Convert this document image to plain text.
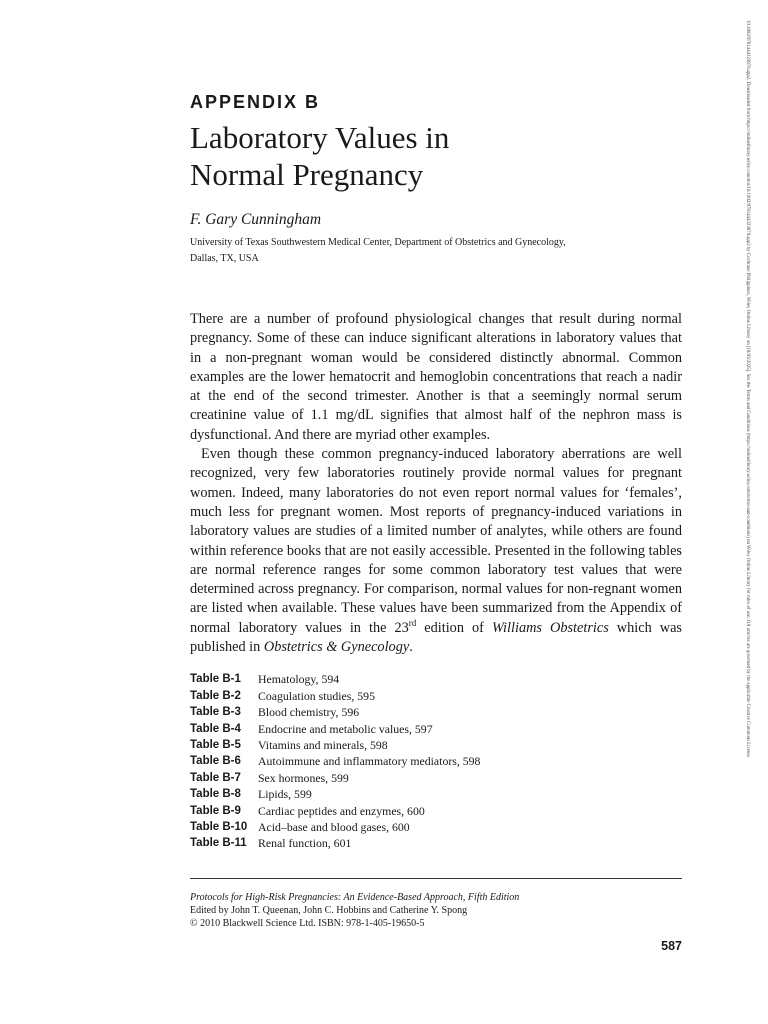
APPENDIX B

Laboratory Values in
Normal Pregnancy

F. Gary Cunningham

University of Texas Southwestern Medical Center, Department of Obstetrics and Gynecology,
Dallas, TX, USA

There are a number of profound physiological changes that result during normal pregnancy. Some of these can induce significant alterations in laboratory values that in a non-pregnant woman would be considered distinctly abnormal. Common examples are the lower hematocrit and hemoglobin concentrations that reach a nadir at the end of the second trimester. Another is that a seemingly normal serum creatinine value of 1.1 mg/dL signifies that almost half of the nephron mass is dysfunctional. And there are myriad other examples.

Even though these common pregnancy-induced laboratory aberrations are well recognized, very few laboratories routinely provide normal values for pregnant women. Indeed, many laboratories do not even report normal values for ‘females’, much less for pregnant women. Most reports of pregnancy-induced variations in laboratory values are studies of a limited number of analytes, while others are found within reference books that are not easily accessible. Presented in the following tables are normal reference ranges for some common laboratory test values that were determined across pregnancy. For comparison, normal values for non-regnant women are listed when available. These values have been summarized from the Appendix of normal laboratory values in the 23rd edition of Williams Obstetrics which was published in Obstetrics & Gynecology.

Table B-1	Hematology, 594
Table B-2	Coagulation studies, 595
Table B-3	Blood chemistry, 596
Table B-4	Endocrine and metabolic values, 597
Table B-5	Vitamins and minerals, 598
Table B-6	Autoimmune and inflammatory mediators, 598
Table B-7	Sex hormones, 599
Table B-8	Lipids, 599
Table B-9	Cardiac peptides and enzymes, 600
Table B-10 Acid–base and blood gases, 600
Table B-11 Renal function, 601
Protocols for High-Risk Pregnancies: An Evidence-Based Approach, Fifth Edition
Edited by John T. Queenan, John C. Hobbins and Catherine Y. Spong
© 2010 Blackwell Science Ltd. ISBN: 978-1-405-19650-5
587
10.1002/9781444323870.app2, Downloaded from https://onlinelibrary.wiley.com/doi/10.1002/9781444323870.app2 by Cochrane Philippines, Wiley Online Library on [18/03/2025]. See the Terms and Conditions (https://onlinelibrary.wiley.com/terms-and-conditions) on Wiley Online Library for rules of use; OA articles are governed by the applicable Creative Commons License
